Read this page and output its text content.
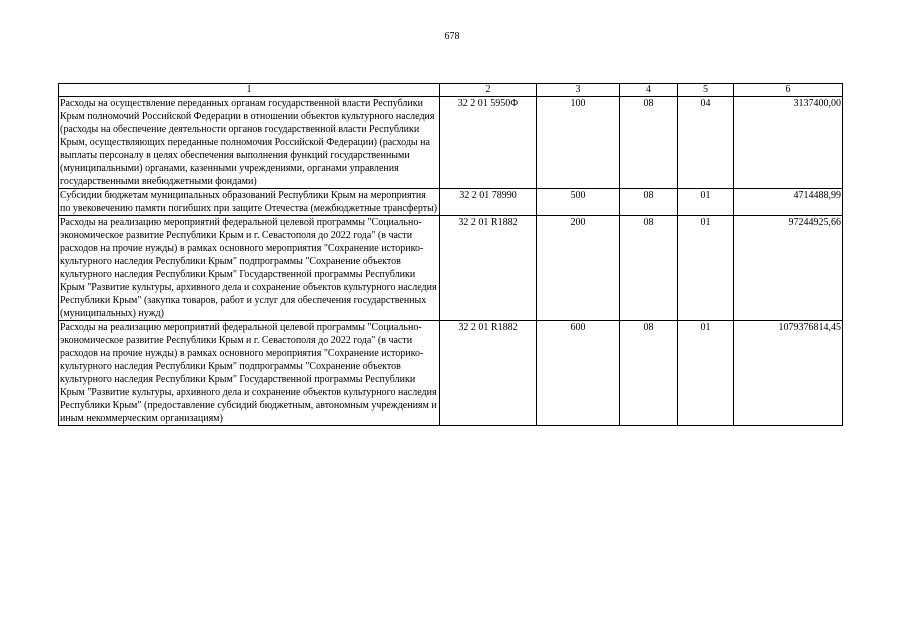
678
1	2	3	4	5	6
Расходы на осуществление переданных органам государственной власти Республики Крым полномочий Российской Федерации в отношении объектов культурного наследия (расходы на обеспечение деятельности органов государственной власти Республики Крым, осуществляющих переданные полномочия Российской Федерации) (расходы на выплаты персоналу в целях обеспечения выполнения функций государственными (муниципальными) органами, казенными учреждениями, органами управления государственными внебюджетными фондами)	32 2 01 5950Ф	100	08	04	3137400,00
Субсидии бюджетам муниципальных образований Республики Крым на мероприятия по увековечению памяти погибших при защите Отечества (межбюджетные трансферты)	32 2 01 78990	500	08	01	4714488,99
Расходы на реализацию мероприятий федеральной целевой программы "Социально-экономическое развитие Республики Крым и г. Севастополя до 2022 года" (в части расходов на прочие нужды) в рамках основного мероприятия "Сохранение историко-культурного наследия Республики Крым" подпрограммы "Сохранение объектов культурного наследия Республики Крым" Государственной программы Республики Крым "Развитие культуры, архивного дела и сохранение объектов культурного наследия Республики Крым" (закупка товаров, работ и услуг для обеспечения государственных (муниципальных) нужд)	32 2 01 R1882	200	08	01	97244925,66
Расходы на реализацию мероприятий федеральной целевой программы "Социально-экономическое развитие Республики Крым и г. Севастополя до 2022 года" (в части расходов на прочие нужды) в рамках основного мероприятия "Сохранение историко-культурного наследия Республики Крым" подпрограммы "Сохранение объектов культурного наследия Республики Крым" Государственной программы Республики Крым "Развитие культуры, архивного дела и сохранение объектов культурного наследия Республики Крым" (предоставление субсидий бюджетным, автономным учреждениям и иным некоммерческим организациям)	32 2 01 R1882	600	08	01	1079376814,45
